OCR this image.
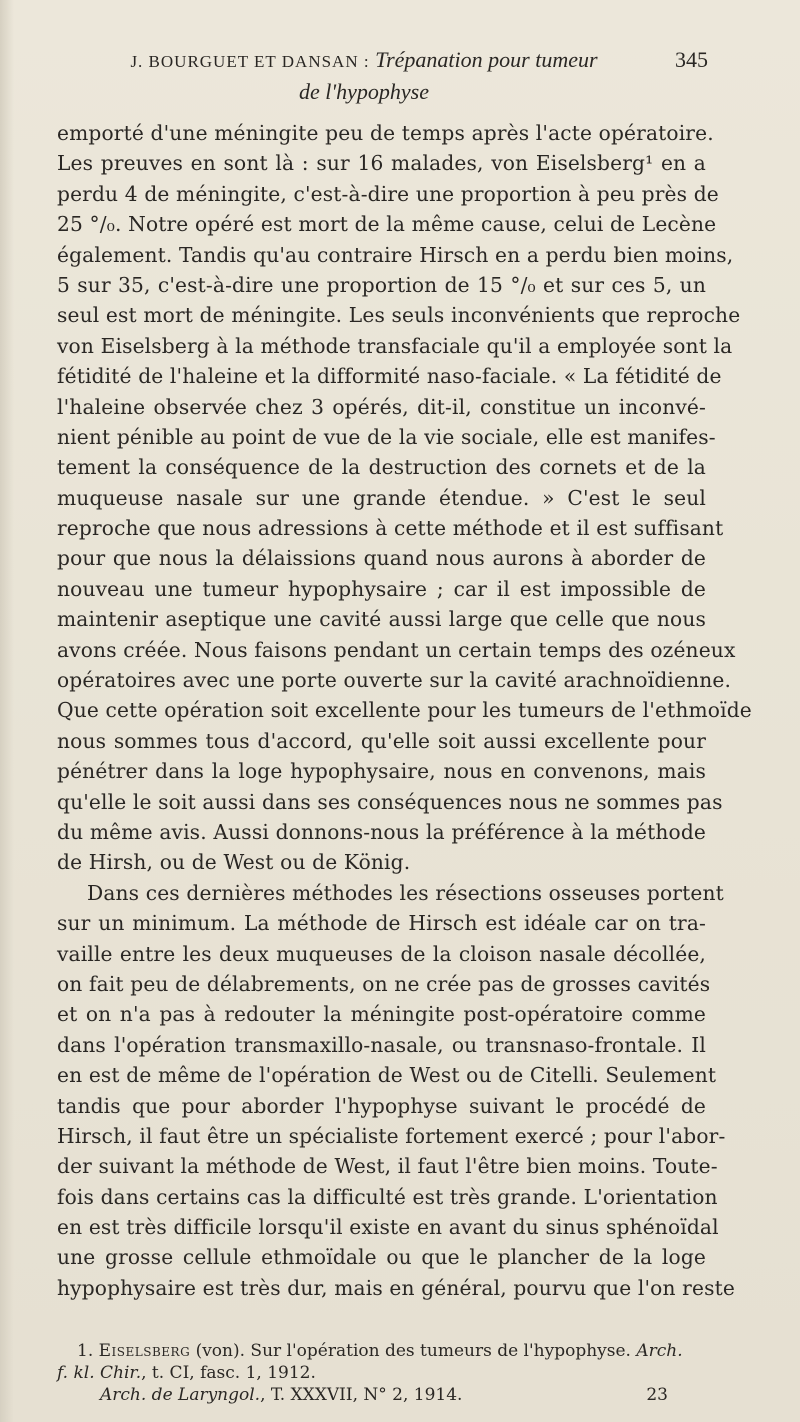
J. BOURGUET ET DANSAN : Trépanation pour tumeur
de l'hypophyse
345
emporté d'une méningite peu de temps après l'acte opératoire.
Les preuves en sont là : sur 16 malades, von Eiselsberg¹ en a
perdu 4 de méningite, c'est-à-dire une proportion à peu près de
25 °/₀. Notre opéré est mort de la même cause, celui de Lecène
également. Tandis qu'au contraire Hirsch en a perdu bien moins,
5 sur 35, c'est-à-dire une proportion de 15 °/₀ et sur ces 5, un
seul est mort de méningite. Les seuls inconvénients que reproche
von Eiselsberg à la méthode transfaciale qu'il a employée sont la
fétidité de l'haleine et la difformité naso-faciale. « La fétidité de
l'haleine observée chez 3 opérés, dit-il, constitue un inconvé-
nient pénible au point de vue de la vie sociale, elle est manifes-
tement la conséquence de la destruction des cornets et de la
muqueuse nasale sur une grande étendue. » C'est le seul
reproche que nous adressions à cette méthode et il est suffisant
pour que nous la délaissions quand nous aurons à aborder de
nouveau une tumeur hypophysaire ; car il est impossible de
maintenir aseptique une cavité aussi large que celle que nous
avons créée. Nous faisons pendant un certain temps des ozéneux
opératoires avec une porte ouverte sur la cavité arachnoïdienne.
Que cette opération soit excellente pour les tumeurs de l'ethmoïde
nous sommes tous d'accord, qu'elle soit aussi excellente pour
pénétrer dans la loge hypophysaire, nous en convenons, mais
qu'elle le soit aussi dans ses conséquences nous ne sommes pas
du même avis. Aussi donnons-nous la préférence à la méthode
de Hirsh, ou de West ou de König.
Dans ces dernières méthodes les résections osseuses portent
sur un minimum. La méthode de Hirsch est idéale car on tra-
vaille entre les deux muqueuses de la cloison nasale décollée,
on fait peu de délabrements, on ne crée pas de grosses cavités
et on n'a pas à redouter la méningite post-opératoire comme
dans l'opération transmaxillo-nasale, ou transnaso-frontale. Il
en est de même de l'opération de West ou de Citelli. Seulement
tandis que pour aborder l'hypophyse suivant le procédé de
Hirsch, il faut être un spécialiste fortement exercé ; pour l'abor-
der suivant la méthode de West, il faut l'être bien moins. Toute-
fois dans certains cas la difficulté est très grande. L'orientation
en est très difficile lorsqu'il existe en avant du sinus sphénoïdal
une grosse cellule ethmoïdale ou que le plancher de la loge
hypophysaire est très dur, mais en général, pourvu que l'on reste
1. Eiselsberg (von). Sur l'opération des tumeurs de l'hypophyse. Arch.
f. kl. Chir., t. CI, fasc. 1, 1912.
Arch. de Laryngol., T. XXXVII, N° 2, 1914.	23
